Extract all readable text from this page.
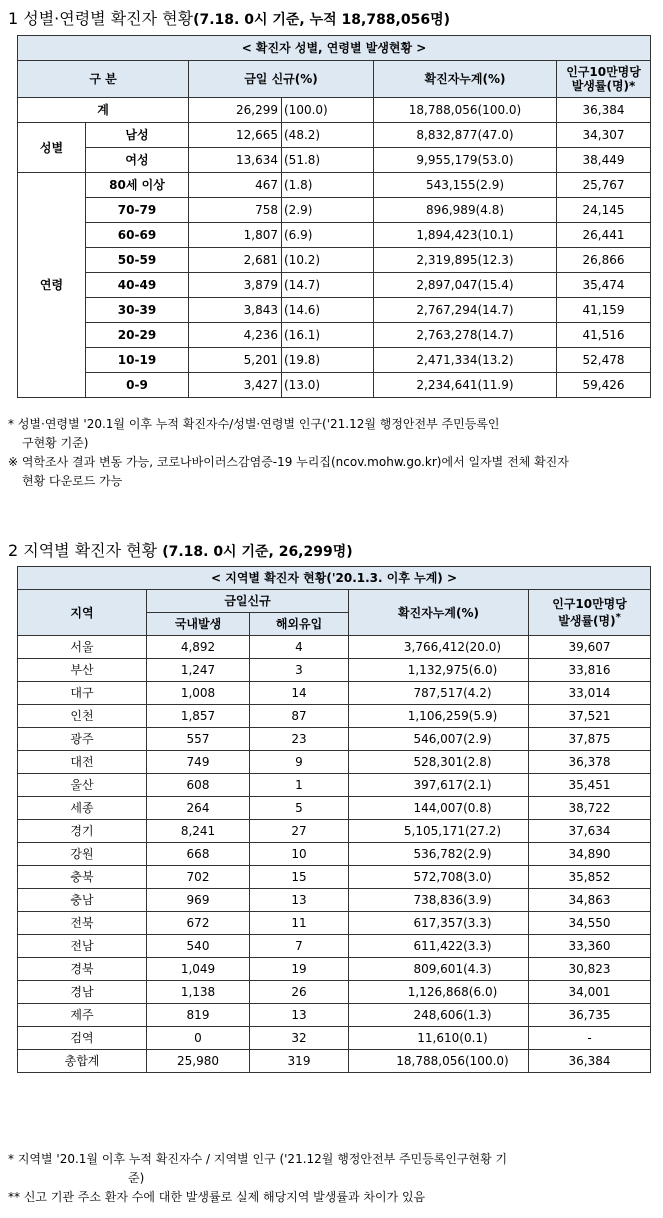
1 성별·연령별 확진자 현황(7.18. 0시 기준, 누적 18,788,056명)
< 확진자 성별, 연령별 발생현황 >					
구 분		금일 신규(%)		확진자누계(%)	인구10만명당
발생률(명)*
계		26,299	(100.0)	18,788,056(100.0)	36,384
성별	남성	12,665	(48.2)	8,832,877(47.0)	34,307
	여성	13,634	(51.8)	9,955,179(53.0)	38,449
연령	80세 이상	467	(1.8)	543,155(2.9)	25,767
	70-79	758	(2.9)	896,989(4.8)	24,145
	60-69	1,807	(6.9)	1,894,423(10.1)	26,441
	50-59	2,681	(10.2)	2,319,895(12.3)	26,866
	40-49	3,879	(14.7)	2,897,047(15.4)	35,474
	30-39	3,843	(14.6)	2,767,294(14.7)	41,159
	20-29	4,236	(16.1)	2,763,278(14.7)	41,516
	10-19	5,201	(19.8)	2,471,334(13.2)	52,478
	0-9	3,427	(13.0)	2,234,641(11.9)	59,426
* 성별·연령별 '20.1월 이후 누적 확진자수/성별·연령별 인구('21.12월 행정안전부 주민등록인
구현황 기준)
※ 역학조사 결과 변동 가능, 코로나바이러스감염증-19 누리집(ncov.mohw.go.kr)에서 일자별 전체 확진자
현황 다운로드 가능
2 지역별 확진자 현황 (7.18. 0시 기준, 26,299명)
< 지역별 확진자 현황('20.1.3. 이후 누계) >				
지역	금일신규		확진자누계(%)	인구10만명당
발생률(명)*
	국내발생	해외유입		
서울	4,892	4	3,766,412(20.0)	39,607
부산	1,247	3	1,132,975(6.0)	33,816
대구	1,008	14	787,517(4.2)	33,014
인천	1,857	87	1,106,259(5.9)	37,521
광주	557	23	546,007(2.9)	37,875
대전	749	9	528,301(2.8)	36,378
울산	608	1	397,617(2.1)	35,451
세종	264	5	144,007(0.8)	38,722
경기	8,241	27	5,105,171(27.2)	37,634
강원	668	10	536,782(2.9)	34,890
충북	702	15	572,708(3.0)	35,852
충남	969	13	738,836(3.9)	34,863
전북	672	11	617,357(3.3)	34,550
전남	540	7	611,422(3.3)	33,360
경북	1,049	19	809,601(4.3)	30,823
경남	1,138	26	1,126,868(6.0)	34,001
제주	819	13	248,606(1.3)	36,735
검역	0	32	11,610(0.1)	-
총합계	25,980	319	18,788,056(100.0)	36,384
* 지역별 '20.1월 이후 누적 확진자수 / 지역별 인구 ('21.12월 행정안전부 주민등록인구현황 기
준)
** 신고 기관 주소 환자 수에 대한 발생률로 실제 해당지역 발생률과 차이가 있음
